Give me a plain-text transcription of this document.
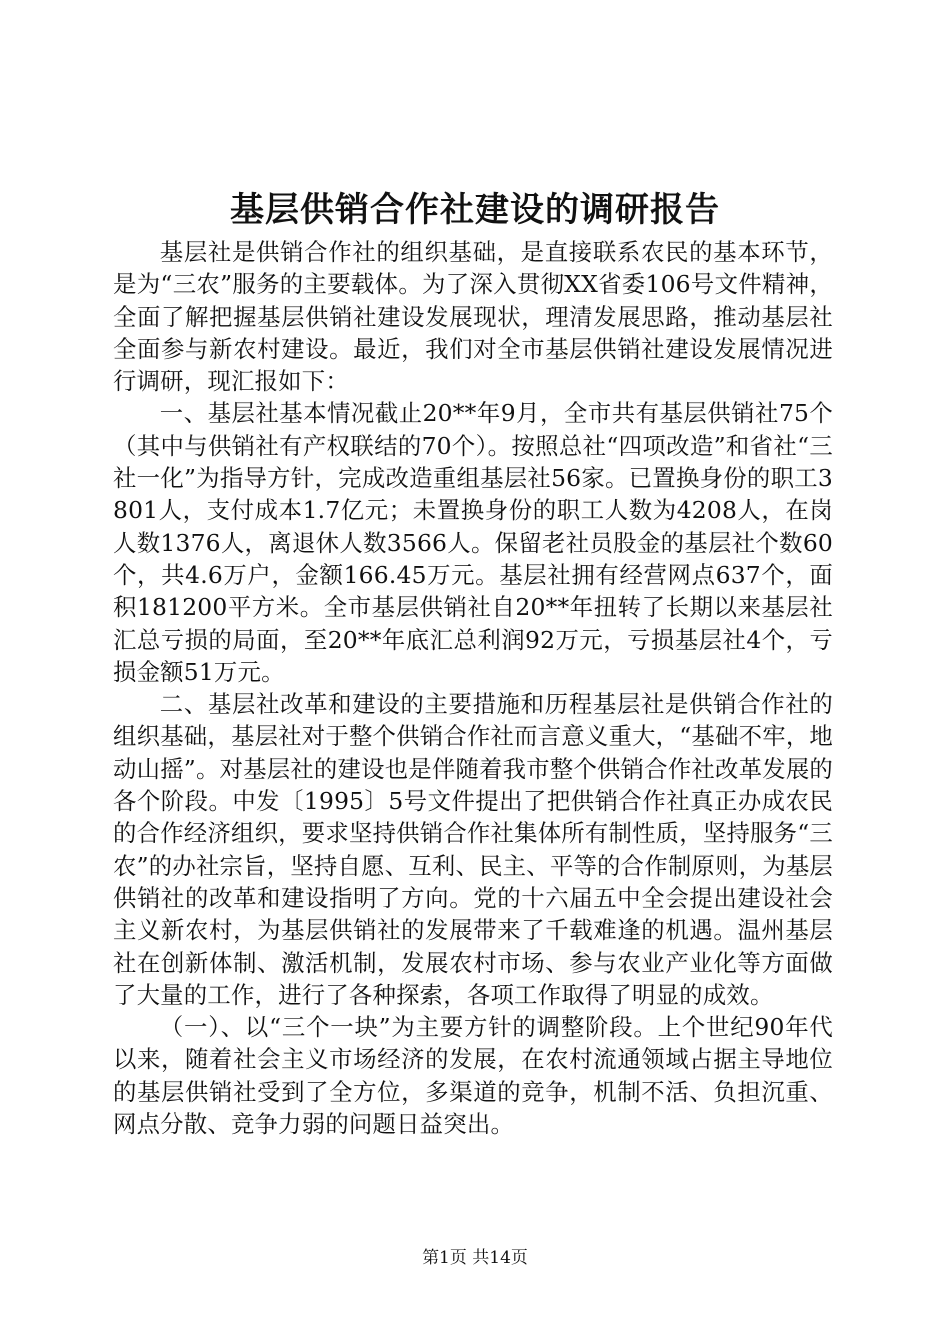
基层供销合作社建设的调研报告

基层社是供销合作社的组织基础，是直接联系农民的基本环节，是为“三农”服务的主要载体。为了深入贯彻XX省委106号文件精神，全面了解把握基层供销社建设发展现状，理清发展思路，推动基层社全面参与新农村建设。最近，我们对全市基层供销社建设发展情况进行调研，现汇报如下：

一、基层社基本情况截止20**年9月，全市共有基层供销社75个（其中与供销社有产权联结的70个）。按照总社“四项改造”和省社“三社一化”为指导方针，完成改造重组基层社56家。已置换身份的职工3801人，支付成本1.7亿元；未置换身份的职工人数为4208人，在岗人数1376人，离退休人数3566人。保留老社员股金的基层社个数60个，共4.6万户，金额166.45万元。基层社拥有经营网点637个，面积181200平方米。全市基层供销社自20**年扭转了长期以来基层社汇总亏损的局面，至20**年底汇总利润92万元，亏损基层社4个，亏损金额51万元。

二、基层社改革和建设的主要措施和历程基层社是供销合作社的组织基础，基层社对于整个供销合作社而言意义重大，“基础不牢，地动山摇”。对基层社的建设也是伴随着我市整个供销合作社改革发展的各个阶段。中发〔1995〕5号文件提出了把供销合作社真正办成农民的合作经济组织，要求坚持供销合作社集体所有制性质，坚持服务“三农”的办社宗旨，坚持自愿、互利、民主、平等的合作制原则，为基层供销社的改革和建设指明了方向。党的十六届五中全会提出建设社会主义新农村，为基层供销社的发展带来了千载难逢的机遇。温州基层社在创新体制、激活机制，发展农村市场、参与农业产业化等方面做了大量的工作，进行了各种探索，各项工作取得了明显的成效。

（一）、以“三个一块”为主要方针的调整阶段。上个世纪90年代以来，随着社会主义市场经济的发展，在农村流通领域占据主导地位的基层供销社受到了全方位，多渠道的竞争，机制不活、负担沉重、网点分散、竞争力弱的问题日益突出。

第1页 共14页
